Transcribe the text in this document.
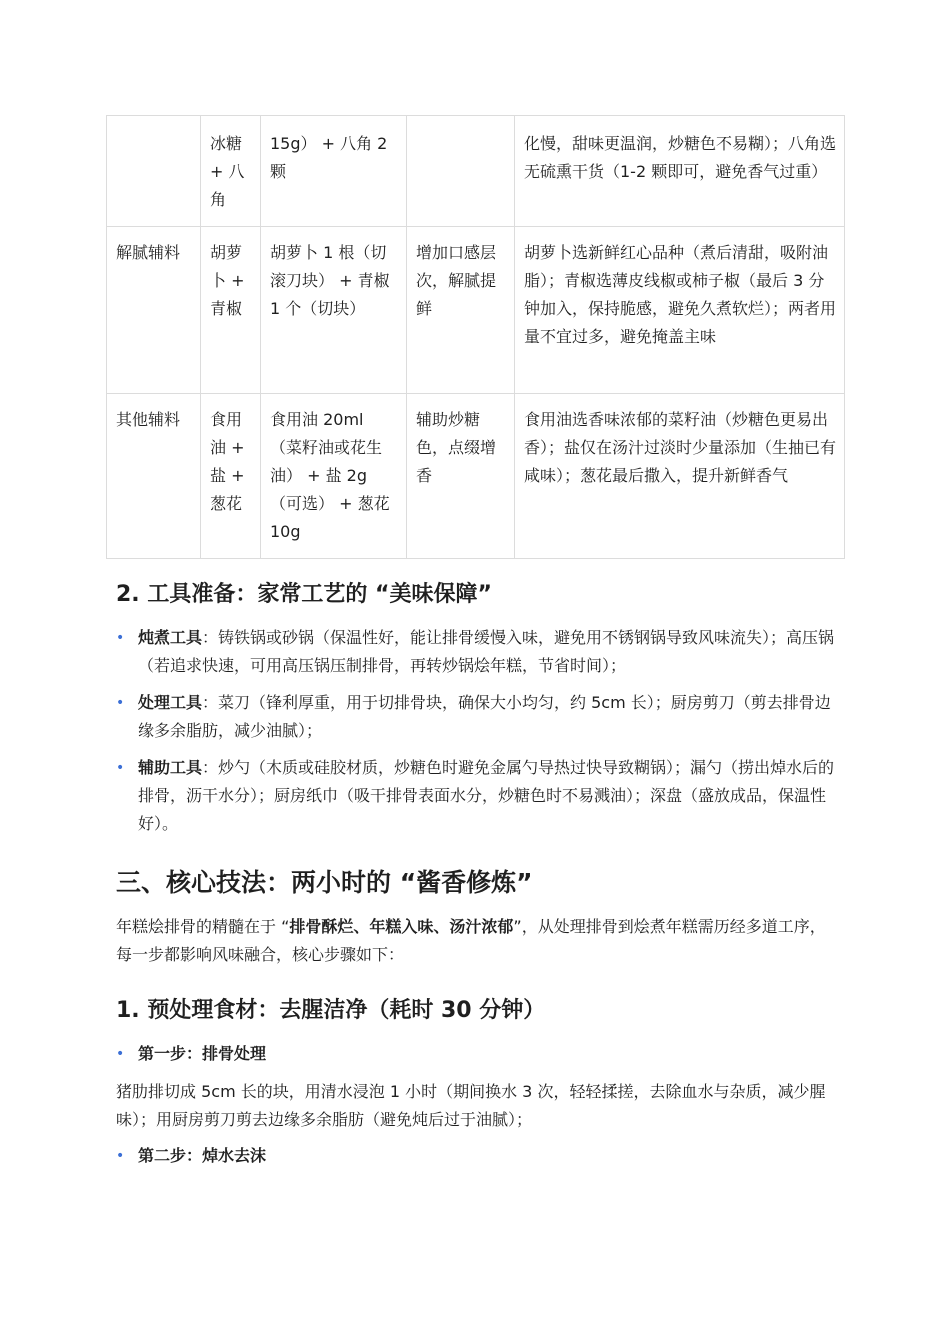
	冰糖 + 八角	15g） + 八角 2 颗		化慢，甜味更温润，炒糖色不易糊）；八角选无硫熏干货（1-2 颗即可，避免香气过重）
解腻辅料	胡萝卜 + 青椒	胡萝卜 1 根（切滚刀块） + 青椒 1 个（切块）	增加口感层次，解腻提鲜	胡萝卜选新鲜红心品种（煮后清甜，吸附油脂）；青椒选薄皮线椒或柿子椒（最后 3 分钟加入，保持脆感，避免久煮软烂）；两者用量不宜过多，避免掩盖主味
其他辅料	食用油 + 盐 + 葱花	食用油 20ml （菜籽油或花生油） + 盐 2g （可选） + 葱花 10g	辅助炒糖色，点缀增香	食用油选香味浓郁的菜籽油（炒糖色更易出香）；盐仅在汤汁过淡时少量添加（生抽已有咸味）；葱花最后撒入，提升新鲜香气
2. 工具准备：家常工艺的 “美味保障”
• 炖煮工具：铸铁锅或砂锅（保温性好，能让排骨缓慢入味，避免用不锈钢锅导致风味流失）；高压锅（若追求快速，可用高压锅压制排骨，再转炒锅烩年糕，节省时间）；
• 处理工具：菜刀（锋利厚重，用于切排骨块，确保大小均匀，约 5cm 长）；厨房剪刀（剪去排骨边缘多余脂肪，减少油腻）；
• 辅助工具：炒勺（木质或硅胶材质，炒糖色时避免金属勺导热过快导致糊锅）；漏勺（捞出焯水后的排骨，沥干水分）；厨房纸巾（吸干排骨表面水分，炒糖色时不易溅油）；深盘（盛放成品，保温性好）。
三、核心技法：两小时的 “酱香修炼”

年糕烩排骨的精髓在于 “排骨酥烂、年糕入味、汤汁浓郁”，从处理排骨到烩煮年糕需历经多道工序，每一步都影响风味融合，核心步骤如下：

1. 预处理食材：去腥洁净（耗时 30 分钟）
• 第一步：排骨处理

猪肋排切成 5cm 长的块，用清水浸泡 1 小时（期间换水 3 次，轻轻揉搓，去除血水与杂质，减少腥味）；用厨房剪刀剪去边缘多余脂肪（避免炖后过于油腻）；

• 第二步：焯水去沫
